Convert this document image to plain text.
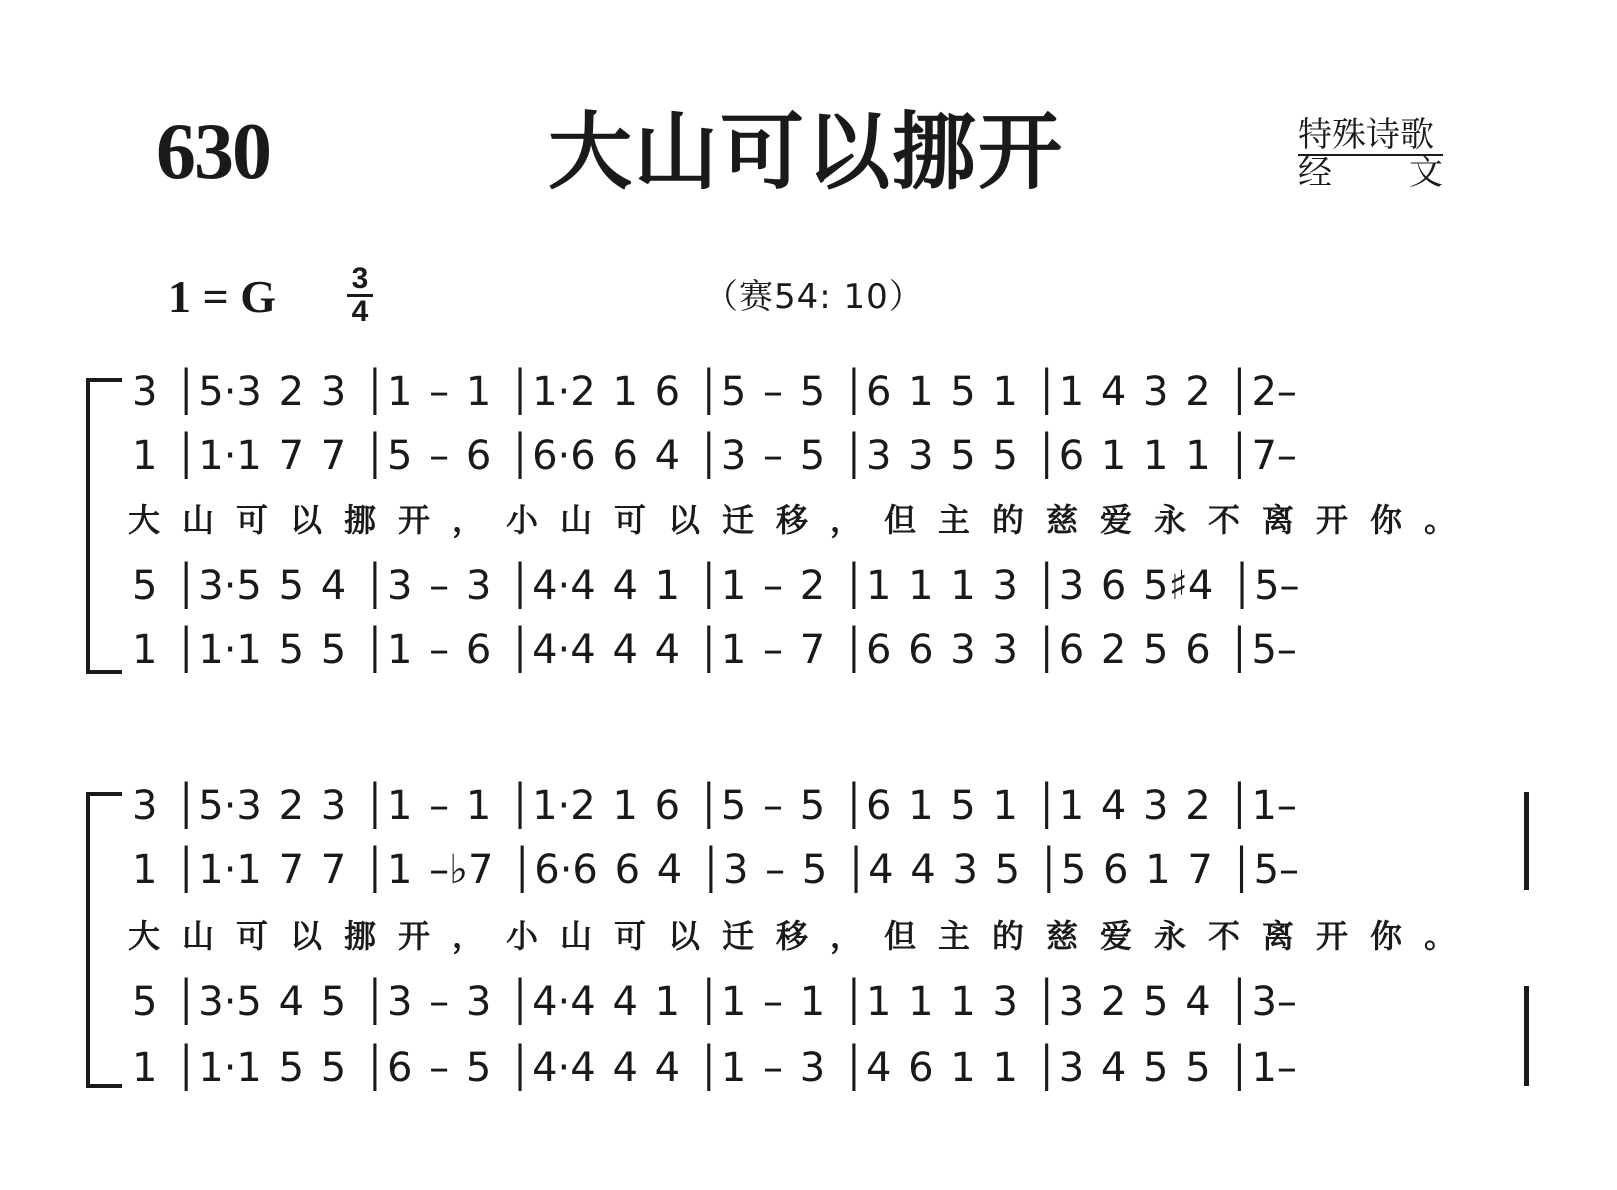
630	大山可以挪开	特殊诗歌
经 文
1 = G $\frac{3}{4}$	（赛54: 10）
3 │5·3 2 3 │1 – 1 │1·2 1 6 │5 – 5 │6 1 5 1 │1 4 3 2 │2–
1 │1·1 7 7 │5 – 6 │6·6 6 4 │3 – 5 │3 3 5 5 │6 1 1 1 │7–
大山可以挪开，小山可以迁移，但主的慈爱永不离开你。
5 │3·5 5 4 │3 – 3 │4·4 4 1 │1 – 2 │1 1 1 3 │3 6 5♯4 │5–
1 │1·1 5 5 │1 – 6 │4·4 4 4 │1 – 7 │6 6 3 3 │6 2 5 6 │5–
3 │5·3 2 3 │1 – 1 │1·2 1 6 │5 – 5 │6 1 5 1 │1 4 3 2 │1–
1 │1·1 7 7 │1 –♭7 │6·6 6 4 │3 – 5 │4 4 3 5 │5 6 1 7 │5–
大山可以挪开，小山可以迁移，但主的慈爱永不离开你。
5 │3·5 4 5 │3 – 3 │4·4 4 1 │1 – 1 │1 1 1 3 │3 2 5 4 │3–
1 │1·1 5 5 │6 – 5 │4·4 4 4 │1 – 3 │4 6 1 1 │3 4 5 5 │1–
